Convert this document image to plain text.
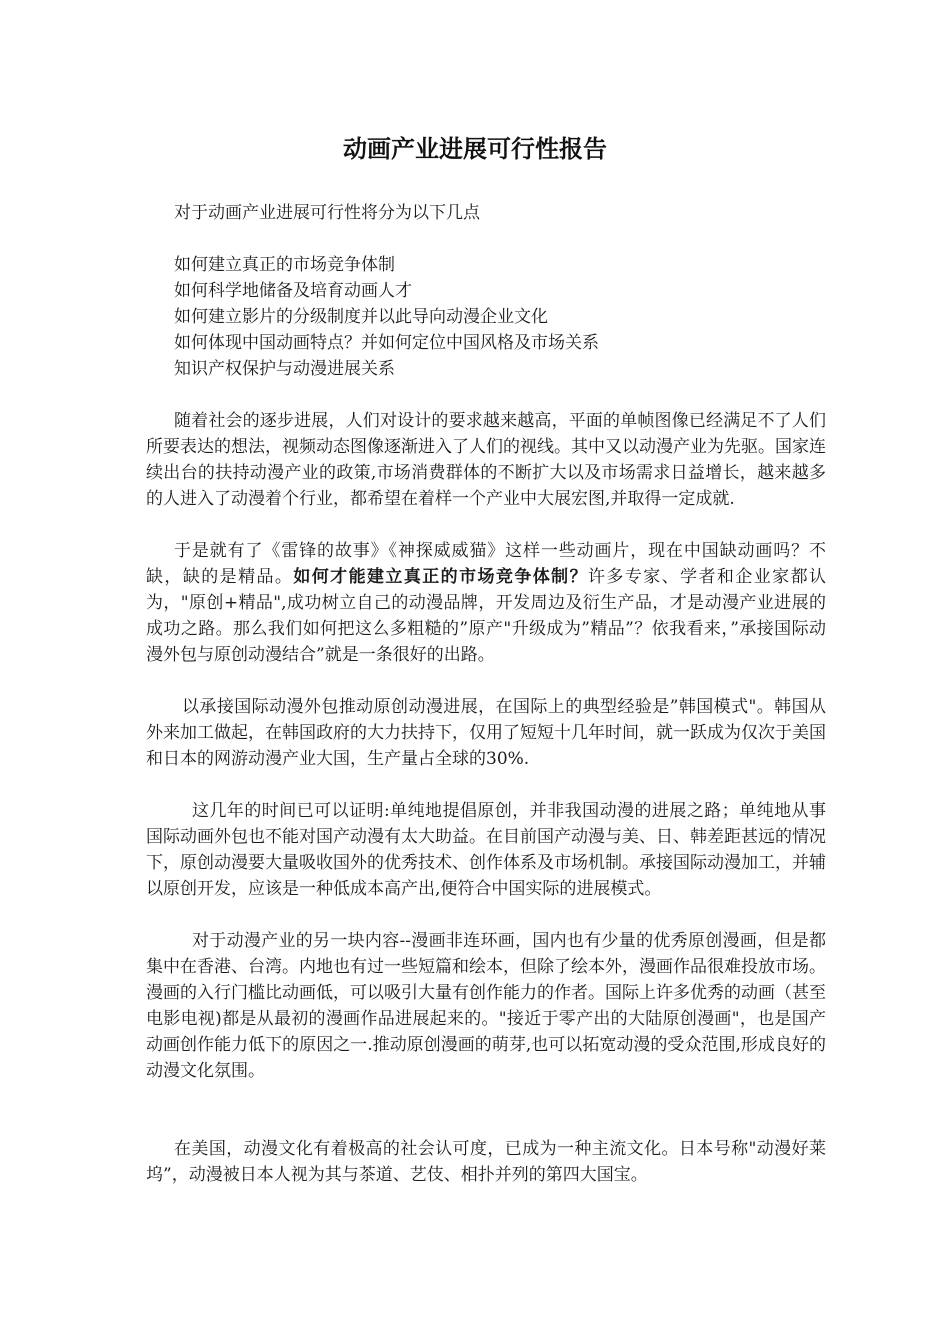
动画产业进展可行性报告
对于动画产业进展可行性将分为以下几点
如何建立真正的市场竞争体制
如何科学地储备及培育动画人才
如何建立影片的分级制度并以此导向动漫企业文化
如何体现中国动画特点？并如何定位中国风格及市场关系
知识产权保护与动漫进展关系

随着社会的逐步进展，人们对设计的要求越来越高，平面的单帧图像已经满足不了人们所要表达的想法，视频动态图像逐渐进入了人们的视线。其中又以动漫产业为先驱。国家连续出台的扶持动漫产业的政策,市场消费群体的不断扩大以及市场需求日益增长，越来越多的人进入了动漫着个行业，都希望在着样一个产业中大展宏图,并取得一定成就.

于是就有了《雷锋的故事》《神探威威猫》这样一些动画片，现在中国缺动画吗？不缺，缺的是精品。如何才能建立真正的市场竞争体制？许多专家、学者和企业家都认为，"原创+精品",成功树立自己的动漫品牌，开发周边及衍生产品，才是动漫产业进展的成功之路。那么我们如何把这么多粗糙的”原产"升级成为”精品”？依我看来，”承接国际动漫外包与原创动漫结合”就是一条很好的出路。

以承接国际动漫外包推动原创动漫进展，在国际上的典型经验是”韩国模式"。韩国从外来加工做起，在韩国政府的大力扶持下，仅用了短短十几年时间，就一跃成为仅次于美国和日本的网游动漫产业大国，生产量占全球的30%.

这几年的时间已可以证明:单纯地提倡原创，并非我国动漫的进展之路；单纯地从事国际动画外包也不能对国产动漫有太大助益。在目前国产动漫与美、日、韩差距甚远的情况下，原创动漫要大量吸收国外的优秀技术、创作体系及市场机制。承接国际动漫加工，并辅以原创开发，应该是一种低成本高产出,便符合中国实际的进展模式。

对于动漫产业的另一块内容--漫画非连环画，国内也有少量的优秀原创漫画，但是都集中在香港、台湾。内地也有过一些短篇和绘本，但除了绘本外，漫画作品很难投放市场。漫画的入行门槛比动画低，可以吸引大量有创作能力的作者。国际上许多优秀的动画（甚至电影电视)都是从最初的漫画作品进展起来的。"接近于零产出的大陆原创漫画"，也是国产动画创作能力低下的原因之一.推动原创漫画的萌芽,也可以拓宽动漫的受众范围,形成良好的动漫文化氛围。

在美国，动漫文化有着极高的社会认可度，已成为一种主流文化。日本号称"动漫好莱坞”，动漫被日本人视为其与茶道、艺伎、相扑并列的第四大国宝。
